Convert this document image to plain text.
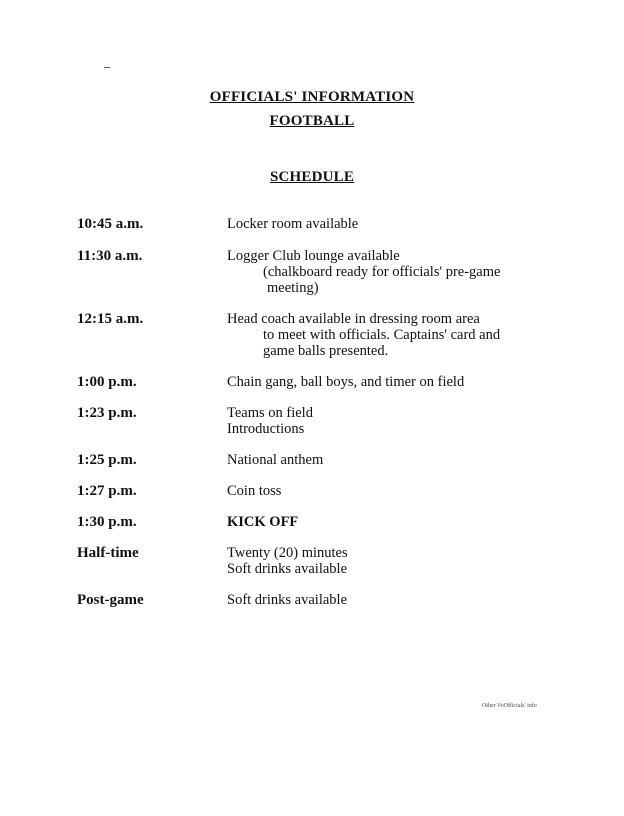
OFFICIALS' INFORMATION
FOOTBALL
SCHEDULE
10:45 a.m.	Locker room available
11:30 a.m.	Logger Club lounge available
(chalkboard ready for officials' pre-game
meeting)
12:15 a.m.	Head coach available in dressing room area
to meet with officials. Captains' card and
game balls presented.
1:00 p.m.	Chain gang, ball boys, and timer on field
1:23 p.m.	Teams on field
Introductions
1:25 p.m.	National anthem
1:27 p.m.	Coin toss
1:30 p.m.	KICK OFF
Half-time	Twenty (20) minutes
Soft drinks available
Post-game	Soft drinks available
Other VoOfficials' info
